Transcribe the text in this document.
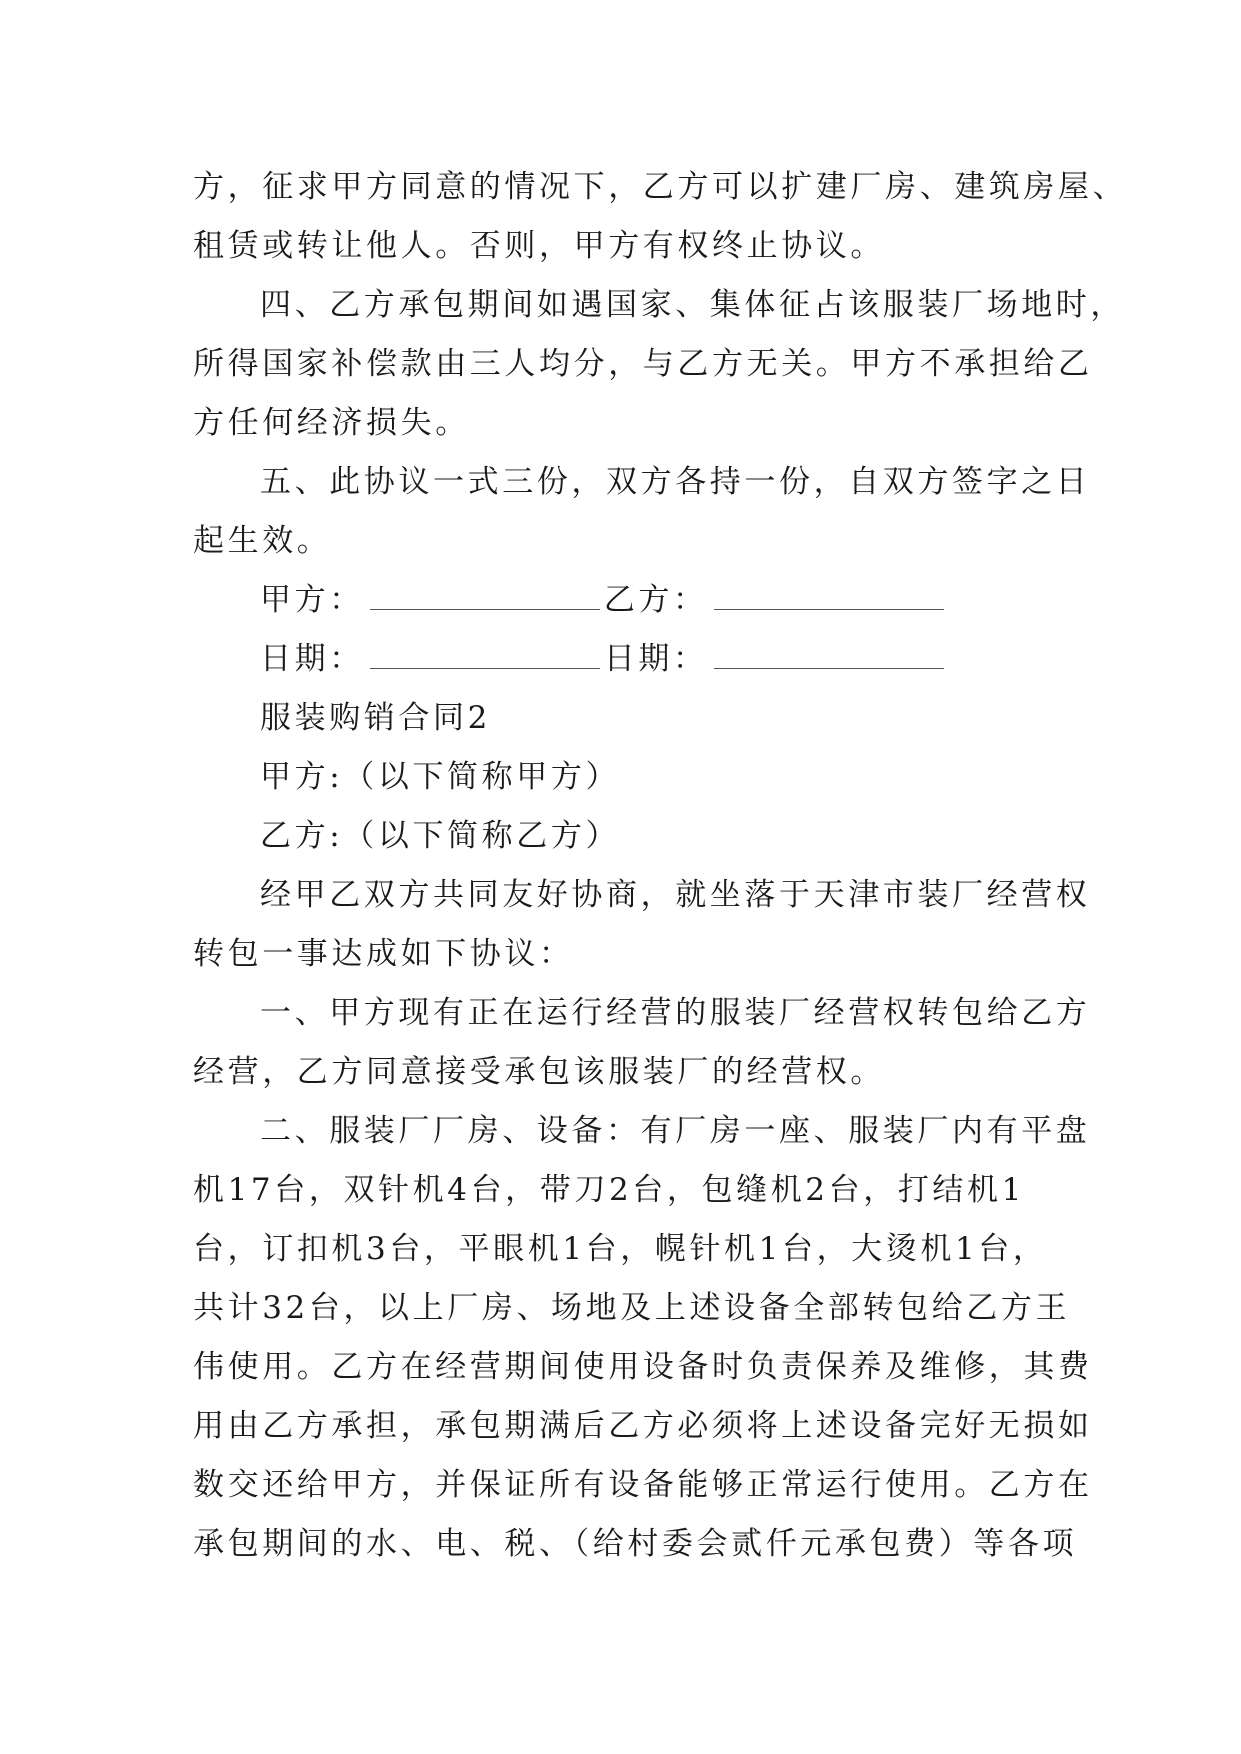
方，征求甲方同意的情况下，乙方可以扩建厂房、建筑房屋、
租赁或转让他人。否则，甲方有权终止协议。
四、乙方承包期间如遇国家、集体征占该服装厂场地时，
所得国家补偿款由三人均分，与乙方无关。甲方不承担给乙
方任何经济损失。
五、此协议一式三份，双方各持一份，自双方签字之日
起生效。
甲方：	乙方：
日期：	日期：
服装购销合同2
甲方:（以下简称甲方）
乙方:（以下简称乙方）
经甲乙双方共同友好协商，就坐落于天津市装厂经营权
转包一事达成如下协议：
一、甲方现有正在运行经营的服装厂经营权转包给乙方
经营，乙方同意接受承包该服装厂的经营权。
二、服装厂厂房、设备：有厂房一座、服装厂内有平盘
机17台，双针机4台，带刀2台，包缝机2台，打结机1
台，订扣机3台，平眼机1台，幌针机1台，大烫机1台，
共计32台，以上厂房、场地及上述设备全部转包给乙方王
伟使用。乙方在经营期间使用设备时负责保养及维修，其费
用由乙方承担，承包期满后乙方必须将上述设备完好无损如
数交还给甲方，并保证所有设备能够正常运行使用。乙方在
承包期间的水、电、税、（给村委会贰仟元承包费）等各项
